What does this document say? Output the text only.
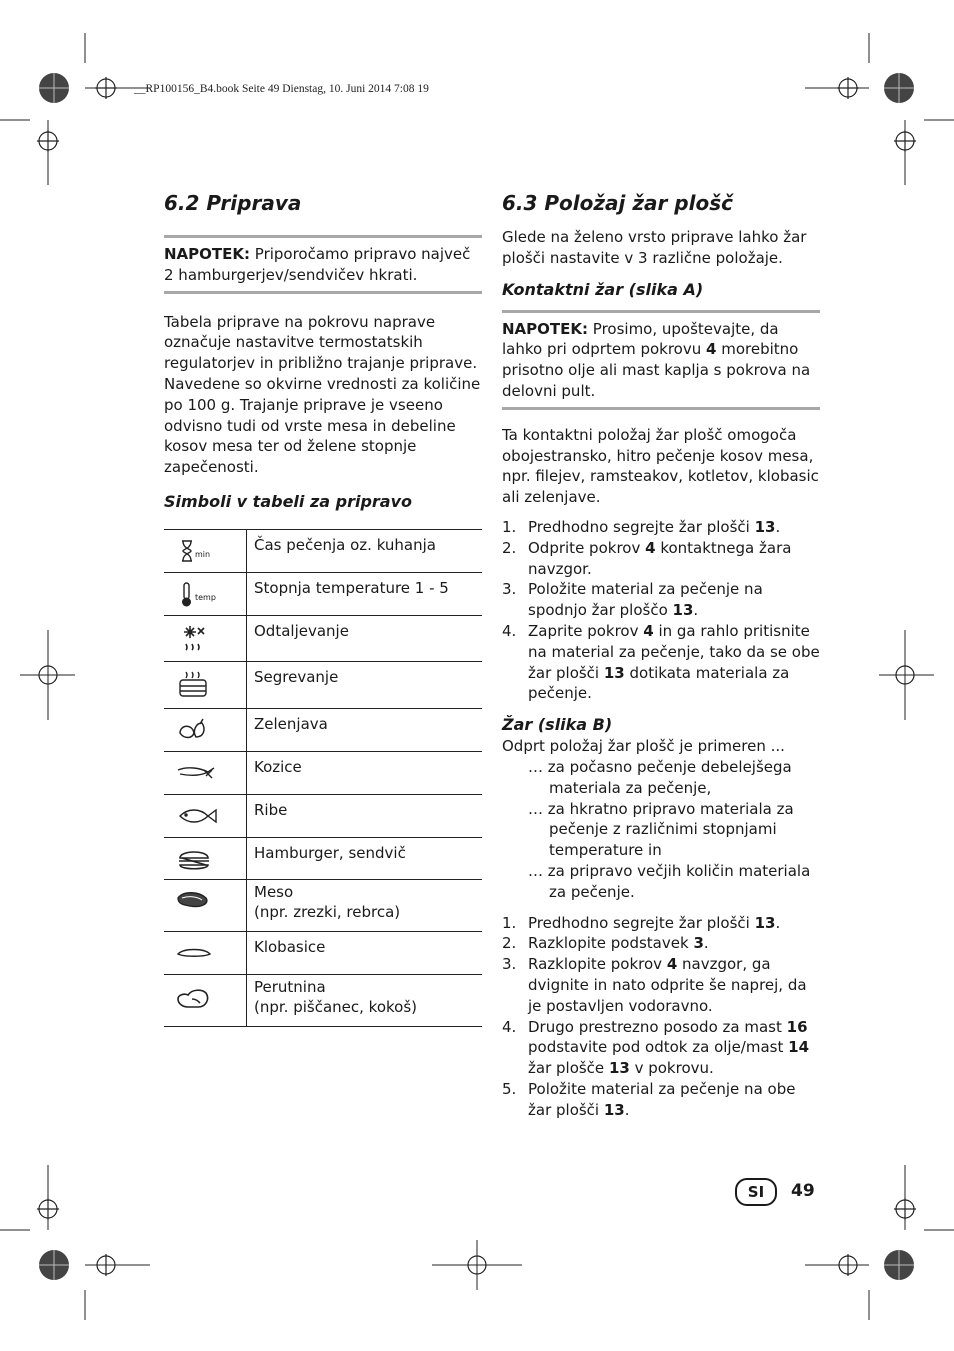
__RP100156_B4.book Seite 49 Dienstag, 10. Juni 2014 7:08 19
6.2 Priprava
NAPOTEK: Priporočamo pripravo največ 2 hamburgerjev/sendvičev hkrati.

Tabela priprave na pokrovu naprave označuje nastavitve termostatskih regulatorjev in približno trajanje priprave. Navedene so okvirne vrednosti za količine po 100 g. Trajanje priprave je vseeno odvisno tudi od vrste mesa in debeline kosov mesa ter od želene stopnje zapečenosti.

Simboli v tabeli za pripravo
min	Čas pečenja oz. kuhanja

temp	Stopnja temperature 1 - 5

Odtaljevanje

Segrevanje

Zelenjava

Kozice

Ribe

Hamburger, sendvič

Meso
(npr. zrezki, rebrca)

Klobasice

Perutnina
(npr. piščanec, kokoš)
6.3 Položaj žar plošč

Glede na želeno vrsto priprave lahko žar plošči nastavite v 3 različne položaje.

Kontaktni žar (slika A)
NAPOTEK: Prosimo, upoštevajte, da lahko pri odprtem pokrovu 4 morebitno prisotno olje ali mast kaplja s pokrova na delovni pult.

Ta kontaktni položaj žar plošč omogoča obojestransko, hitro pečenje kosov mesa, npr. filejev, ramsteakov, kotletov, klobasic ali zelenjave.

1. Predhodno segrejte žar plošči 13.
2. Odprite pokrov 4 kontaktnega žara navzgor.
3. Položite material za pečenje na spodnjo žar ploščo 13.
4. Zaprite pokrov 4 in ga rahlo pritisnite na material za pečenje, tako da se obe žar plošči 13 dotikata materiala za pečenje.
Žar (slika B)

Odprt položaj žar plošč je primeren ...

… za počasno pečenje debelejšega materiala za pečenje,
… za hkratno pripravo materiala za pečenje z različnimi stopnjami temperature in
… za pripravo večjih količin materiala za pečenje.
1. Predhodno segrejte žar plošči 13.
2. Razklopite podstavek 3.
3. Razklopite pokrov 4 navzgor, ga dvignite in nato odprite še naprej, da je postavljen vodoravno.
4. Drugo prestrezno posodo za mast 16 podstavite pod odtok za olje/mast 14 žar plošče 13 v pokrovu.
5. Položite material za pečenje na obe žar plošči 13.
SI	49
